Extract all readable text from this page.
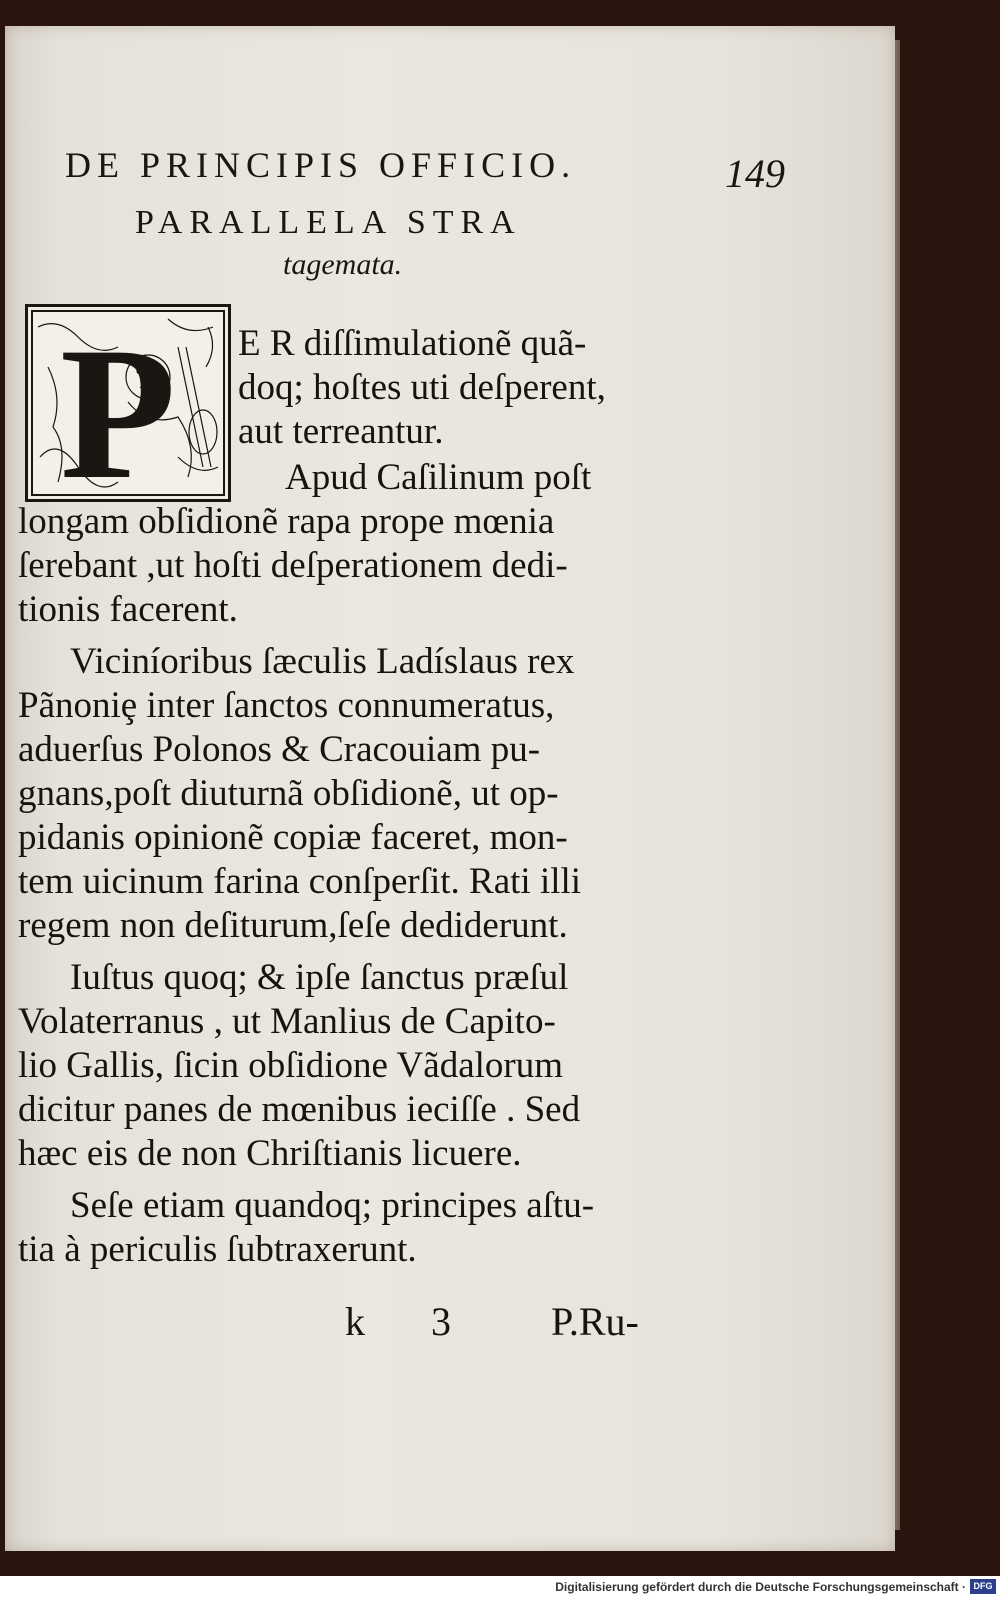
DE PRINCIPIS OFFICIO.	149
PARALLELA STRA
tagemata.
P E R diſſimulationẽ quã-
doq; hoſtes uti deſperent,
aut terreantur.
Apud Caſilinum poſt
longam obſidionẽ rapa prope mœnia
ſerebant ,ut hoſti deſperationem dedi-
tionis facerent.
Viciníoribus ſæculis Ladíslaus rex
Pãnoniȩ inter ſanctos connumeratus,
aduerſus Polonos & Cracouiam pu-
gnans,poſt diuturnã obſidionẽ, ut op-
pidanis opinionẽ copiæ faceret, mon-
tem uicinum farina conſperſit. Rati illi
regem non deſiturum,ſeſe dediderunt.
Iuſtus quoq; & ipſe ſanctus præſul
Volaterranus , ut Manlius de Capito-
lio Gallis, ſicin obſidione Vãdalorum
dicitur panes de mœnibus ieciſſe . Sed
hæc eis de non Chriſtianis licuere.
Seſe etiam quandoq; principes aſtu-
tia à periculis ſubtraxerunt.
k 3	P.Ru-
Digitalisierung gefördert durch die Deutsche Forschungsgemeinschaft · DFG
